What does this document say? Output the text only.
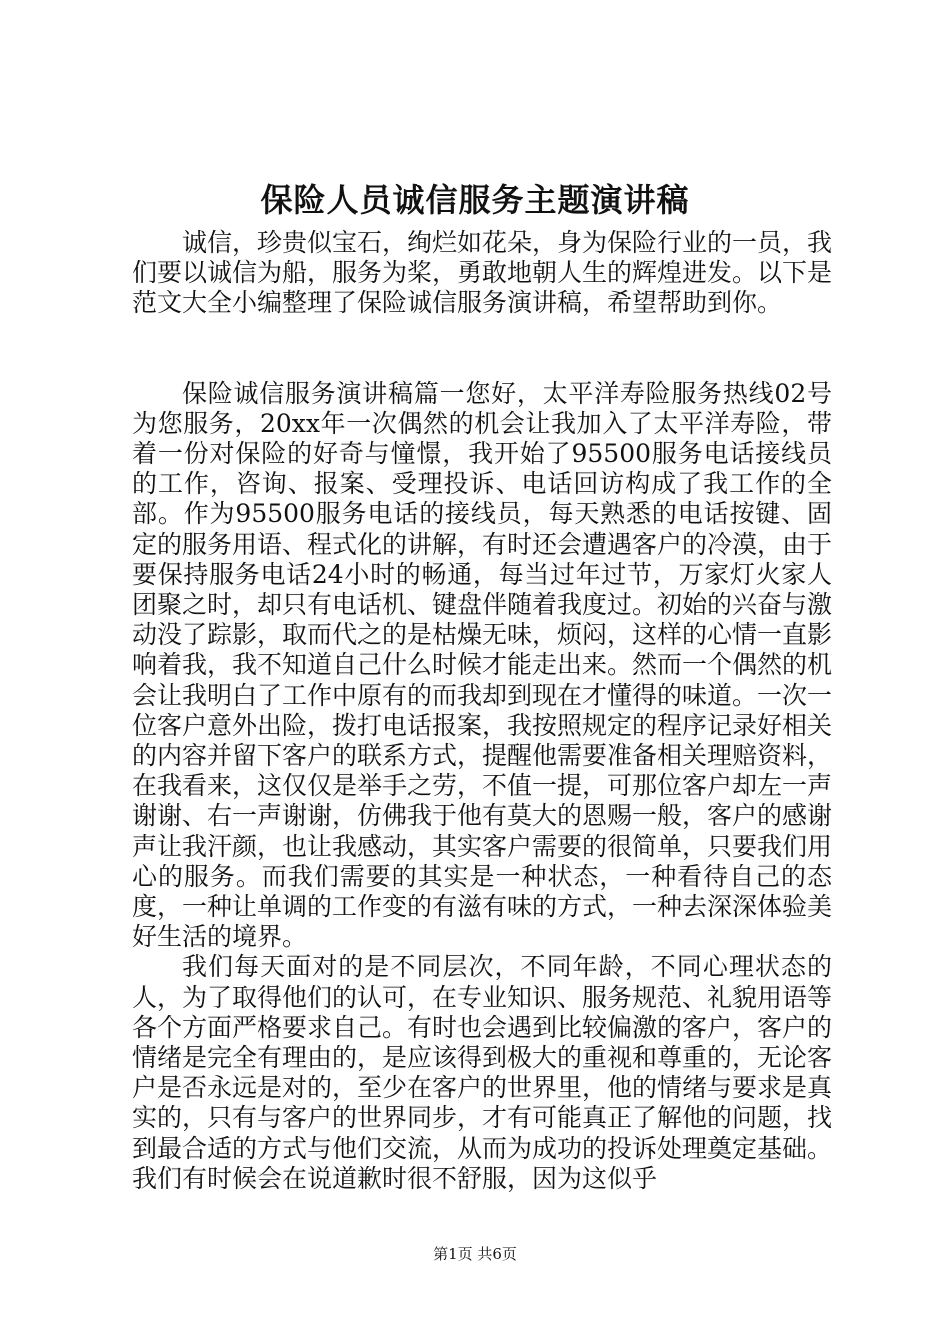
保险人员诚信服务主题演讲稿

诚信，珍贵似宝石，绚烂如花朵，身为保险行业的一员，我们要以诚信为船，服务为桨，勇敢地朝人生的辉煌进发。以下是范文大全小编整理了保险诚信服务演讲稿，希望帮助到你。

保险诚信服务演讲稿篇一您好，太平洋寿险服务热线02号为您服务，20xx年一次偶然的机会让我加入了太平洋寿险，带着一份对保险的好奇与憧憬，我开始了95500服务电话接线员的工作，咨询、报案、受理投诉、电话回访构成了我工作的全部。作为95500服务电话的接线员，每天熟悉的电话按键、固定的服务用语、程式化的讲解，有时还会遭遇客户的冷漠，由于要保持服务电话24小时的畅通，每当过年过节，万家灯火家人团聚之时，却只有电话机、键盘伴随着我度过。初始的兴奋与激动没了踪影，取而代之的是枯燥无味，烦闷，这样的心情一直影响着我，我不知道自己什么时候才能走出来。然而一个偶然的机会让我明白了工作中原有的而我却到现在才懂得的味道。一次一位客户意外出险，拨打电话报案，我按照规定的程序记录好相关的内容并留下客户的联系方式，提醒他需要准备相关理赔资料，在我看来，这仅仅是举手之劳，不值一提，可那位客户却左一声谢谢、右一声谢谢，仿佛我于他有莫大的恩赐一般，客户的感谢声让我汗颜，也让我感动，其实客户需要的很简单，只要我们用心的服务。而我们需要的其实是一种状态，一种看待自己的态度，一种让单调的工作变的有滋有味的方式，一种去深深体验美好生活的境界。

我们每天面对的是不同层次，不同年龄，不同心理状态的人，为了取得他们的认可，在专业知识、服务规范、礼貌用语等各个方面严格要求自己。有时也会遇到比较偏激的客户，客户的情绪是完全有理由的，是应该得到极大的重视和尊重的，无论客户是否永远是对的，至少在客户的世界里，他的情绪与要求是真实的，只有与客户的世界同步，才有可能真正了解他的问题，找到最合适的方式与他们交流，从而为成功的投诉处理奠定基础。我们有时候会在说道歉时很不舒服，因为这似乎

第1页 共6页
